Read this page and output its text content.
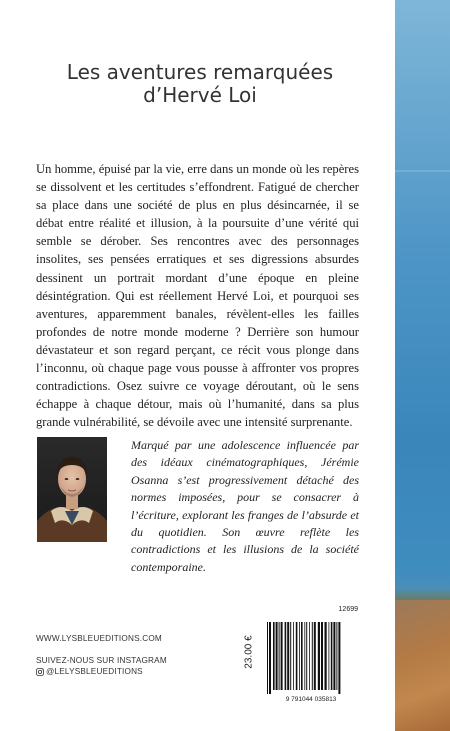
Les aventures remarquées
d’Hervé Loi

Un homme, épuisé par la vie, erre dans un monde où les repères se dissolvent et les certitudes s’effondrent. Fatigué de chercher sa place dans une société de plus en plus désincarnée, il se débat entre réalité et illusion, à la poursuite d’une vérité qui semble se dérober. Ses rencontres avec des personnages insolites, ses pensées erratiques et ses digressions absurdes dessinent un portrait mordant d’une époque en pleine désintégration. Qui est réellement Hervé Loi, et pourquoi ses aventures, apparemment banales, révèlent-elles les failles profondes de notre monde moderne ? Derrière son humour dévastateur et son regard perçant, ce récit vous plonge dans l’inconnu, où chaque page vous pousse à affronter vos propres contradictions. Osez suivre ce voyage déroutant, où le sens échappe à chaque détour, mais où l’humanité, dans sa plus grande vulnérabilité, se dévoile avec une intensité surprenante.

Marqué par une adolescence influencée par des idéaux cinématographiques, Jérémie Osanna s’est progressivement détaché des normes imposées, pour se consacrer à l’écriture, explorant les franges de l’absurde et du quotidien. Son œuvre reflète les contradictions et les illusions de la société contemporaine.

WWW.LYSBLEUEDITIONS.COM
SUIVEZ-NOUS SUR INSTAGRAM
@LELYSBLEUEDITIONS
12699
23.00 €
9 791044 035813
